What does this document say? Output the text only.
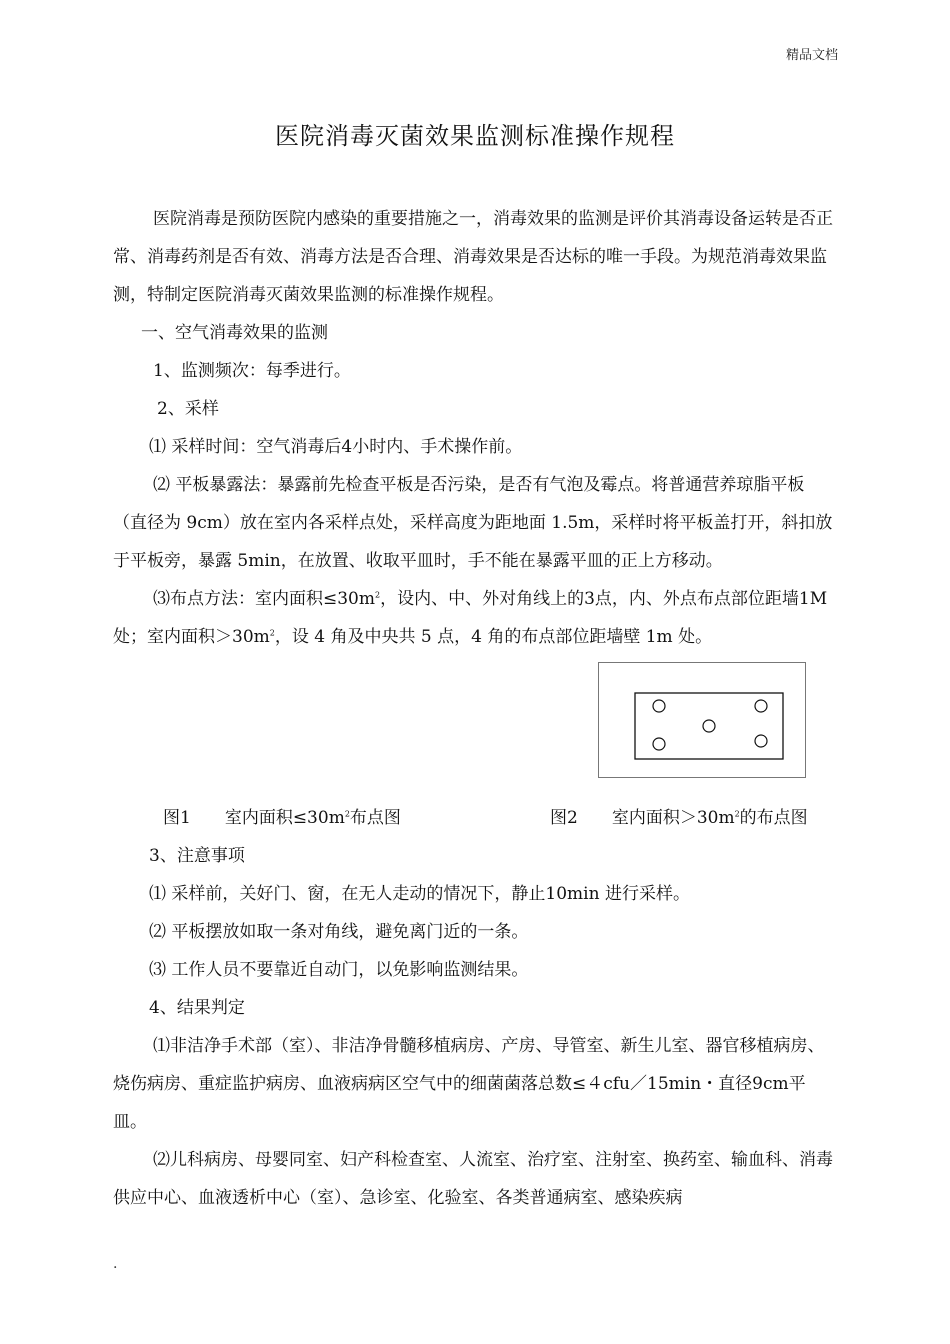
精品文档
医院消毒灭菌效果监测标准操作规程

医院消毒是预防医院内感染的重要措施之一，消毒效果的监测是评价其消毒设备运转是否正常、消毒药剂是否有效、消毒方法是否合理、消毒效果是否达标的唯一手段。为规范消毒效果监测，特制定医院消毒灭菌效果监测的标准操作规程。

一、空气消毒效果的监测

1、监测频次：每季进行。

2、采样

⑴ 采样时间：空气消毒后4小时内、手术操作前。

⑵ 平板暴露法：暴露前先检查平板是否污染，是否有气泡及霉点。将普通营养琼脂平板（直径为 9cm）放在室内各采样点处，采样高度为距地面 1.5m，采样时将平板盖打开，斜扣放于平板旁，暴露 5min，在放置、收取平皿时，手不能在暴露平皿的正上方移动。

⑶布点方法：室内面积$\le 30m^2$，设内、中、外对角线上的3点，内、外点布点部位距墙1M处；室内面积$>30m^2$，设 4 角及中央共 5 点，4 角的布点部位距墙壁 1m 处。

图1　　室内面积$\le 30m^2$布点图	图2　　室内面积$>30m^2$的布点图

3、注意事项

⑴ 采样前，关好门、窗，在无人走动的情况下，静止10min 进行采样。

⑵ 平板摆放如取一条对角线，避免离门近的一条。

⑶ 工作人员不要靠近自动门，以免影响监测结果。

4、结果判定

⑴非洁净手术部（室）、非洁净骨髓移植病房、产房、导管室、新生儿室、器官移植病房、烧伤病房、重症监护病房、血液病病区空气中的细菌菌落总数≤４cfu／15min・直径9cm平皿。

⑵儿科病房、母婴同室、妇产科检查室、人流室、治疗室、注射室、换药室、输血科、消毒供应中心、血液透析中心（室）、急诊室、化验室、各类普通病室、感染疾病

.
